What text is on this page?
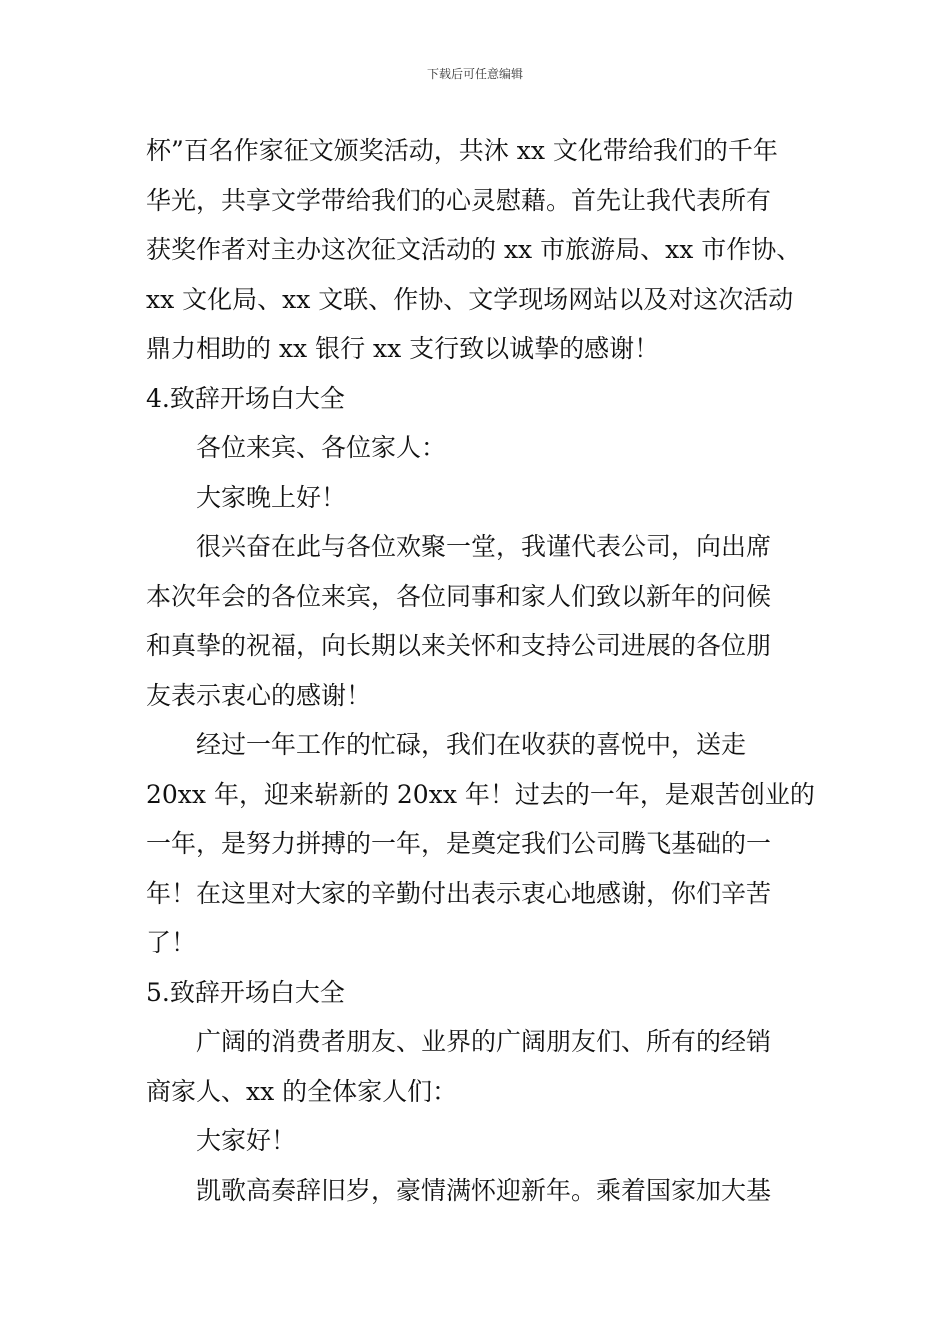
下载后可任意编辑
杯”百名作家征文颁奖活动，共沐 xx 文化带给我们的千年
华光，共享文学带给我们的心灵慰藉。首先让我代表所有
获奖作者对主办这次征文活动的 xx 市旅游局、xx 市作协、
xx 文化局、xx 文联、作协、文学现场网站以及对这次活动
鼎力相助的 xx 银行 xx 支行致以诚挚的感谢！
4.致辞开场白大全
各位来宾、各位家人：
大家晚上好！
很兴奋在此与各位欢聚一堂，我谨代表公司，向出席
本次年会的各位来宾，各位同事和家人们致以新年的问候
和真挚的祝福，向长期以来关怀和支持公司进展的各位朋
友表示衷心的感谢！
经过一年工作的忙碌，我们在收获的喜悦中，送走
20xx 年，迎来崭新的 20xx 年！过去的一年，是艰苦创业的
一年，是努力拼搏的一年，是奠定我们公司腾飞基础的一
年！在这里对大家的辛勤付出表示衷心地感谢，你们辛苦
了！
5.致辞开场白大全
广阔的消费者朋友、业界的广阔朋友们、所有的经销
商家人、xx 的全体家人们：
大家好！
凯歌高奏辞旧岁，豪情满怀迎新年。乘着国家加大基
